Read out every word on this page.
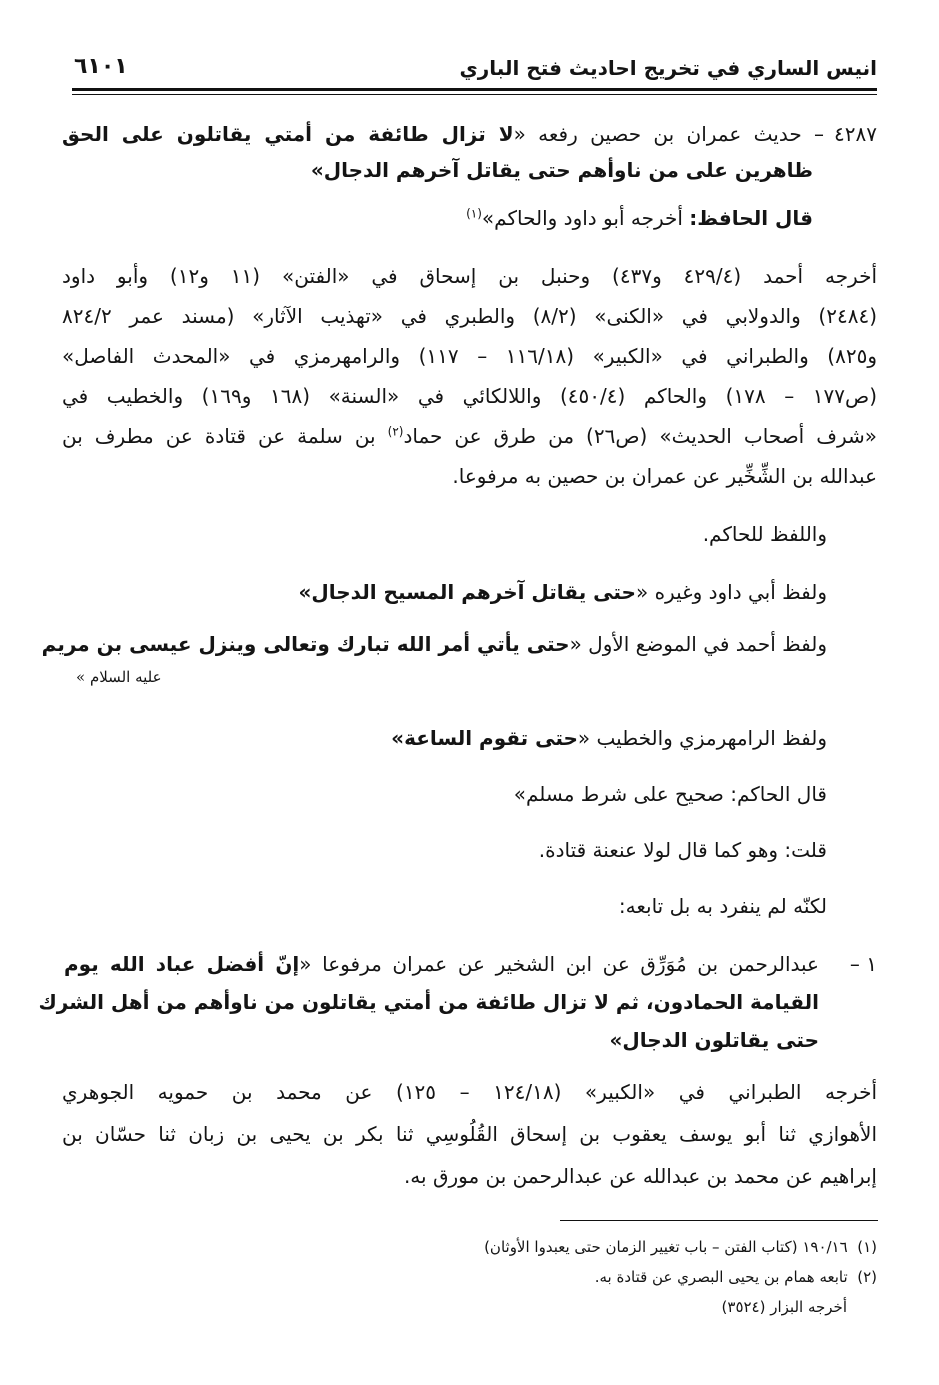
انيس الساري في تخريج احاديث فتح الباري
٦١٠١
٤٢٨٧– حديث عمران بن حصين رفعه «لا تزال طائفة من أمتي يقاتلون على الحق
ظاهرين على من ناوأهم حتى يقاتل آخرهم الدجال»
قال الحافظ: أخرجه أبو داود والحاكم»$^{(١)}$
أخرجه أحمد (٤٢٩/٤ و٤٣٧) وحنبل بن إسحاق في «الفتن» (١١ و١٢) وأبو داود
(٢٤٨٤) والدولابي في «الكنى» (٨/٢) والطبري في «تهذيب الآثار» (مسند عمر ٨٢٤/٢
و٨٢٥) والطبراني في «الكبير» (١١٦/١٨ – ١١٧) والرامهرمزي في «المحدث الفاصل»
(ص١٧٧ – ١٧٨) والحاكم (٤٥٠/٤) واللالكائي في «السنة» (١٦٨ و١٦٩) والخطيب في
«شرف أصحاب الحديث» (ص٢٦) من طرق عن حماد$^{(٢)}$ بن سلمة عن قتادة عن مطرف بن
عبدالله بن الشِّخِّير عن عمران بن حصين به مرفوعا.
واللفظ للحاكم.
ولفظ أبي داود وغيره «حتى يقاتل آخرهم المسيح الدجال»
ولفظ أحمد في الموضع الأول «حتى يأتي أمر الله تبارك وتعالى وينزل عيسى بن مريم
عليه السلام »
ولفظ الرامهرمزي والخطيب «حتى تقوم الساعة»
قال الحاكم: صحيح على شرط مسلم»
قلت: وهو كما قال لولا عنعنة قتادة.
لكنّه لم ينفرد به بل تابعه:
١ –
عبدالرحمن بن مُوَرِّق عن ابن الشخير عن عمران مرفوعا «إنّ أفضل عباد الله يوم
القيامة الحمادون، ثم لا تزال طائفة من أمتي يقاتلون من ناوأهم من أهل الشرك
حتى يقاتلون الدجال»
أخرجه الطبراني في «الكبير» (١٢٤/١٨ – ١٢٥) عن محمد بن حمويه الجوهري
الأهوازي ثنا أبو يوسف يعقوب بن إسحاق القُلُوسِي ثنا بكر بن يحيى بن زبان ثنا حسّان بن
إبراهيم عن محمد بن عبدالله عن عبدالرحمن بن مورق به.
(١)  ١٩٠/١٦ (كتاب الفتن – باب تغيير الزمان حتى يعبدوا الأوثان)
(٢)  تابعه همام بن يحيى البصري عن قتادة به.
أخرجه البزار (٣٥٢٤)
